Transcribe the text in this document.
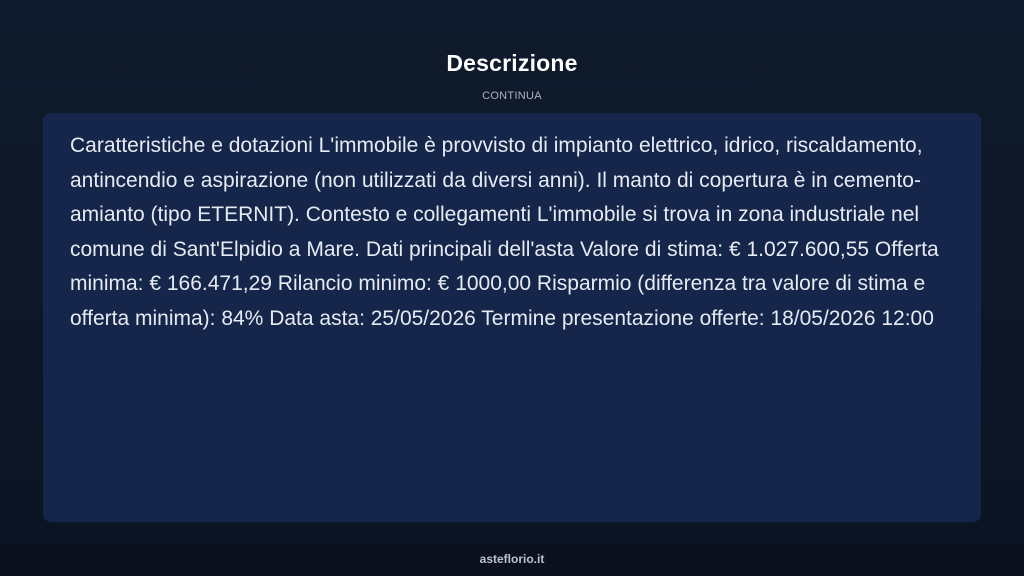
Descrizione
CONTINUA

Caratteristiche e dotazioni L'immobile è provvisto di impianto elettrico, idrico, riscaldamento, antincendio e aspirazione (non utilizzati da diversi anni). Il manto di copertura è in cemento-amianto (tipo ETERNIT). Contesto e collegamenti L'immobile si trova in zona industriale nel comune di Sant'Elpidio a Mare. Dati principali dell'asta Valore di stima: € 1.027.600,55 Offerta minima: € 166.471,29 Rilancio minimo: € 1000,00 Risparmio (differenza tra valore di stima e offerta minima): 84% Data asta: 25/05/2026 Termine presentazione offerte: 18/05/2026 12:00

asteflorio.it
